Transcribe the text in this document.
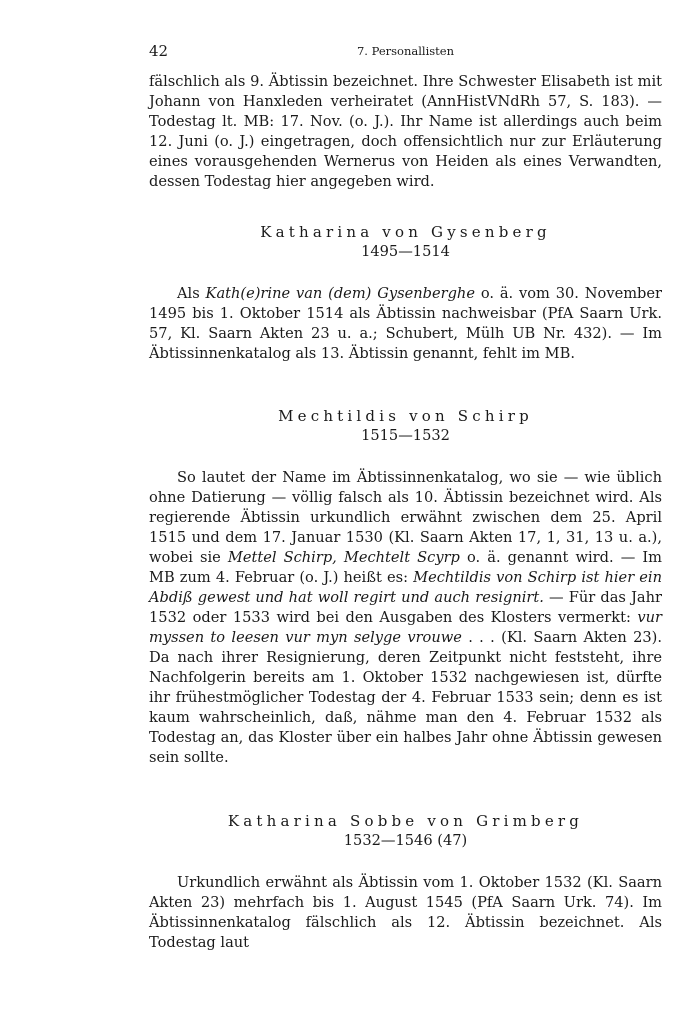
42	7. Personallisten

fälschlich als 9. Äbtissin bezeichnet. Ihre Schwester Elisabeth ist mit Johann von Hanxleden verheiratet (AnnHistVNdRh 57, S. 183). — Todestag lt. MB: 17. Nov. (o. J.). Ihr Name ist allerdings auch beim 12. Juni (o. J.) eingetragen, doch offensichtlich nur zur Erläuterung eines vorausgehenden Wernerus von Heiden als eines Verwandten, dessen Todestag hier angegeben wird.

Katharina von Gysenberg
1495—1514

Als Kath(e)rine van (dem) Gysenberghe o. ä. vom 30. November 1495 bis 1. Oktober 1514 als Äbtissin nachweisbar (PfA Saarn Urk. 57, Kl. Saarn Akten 23 u. a.; Schubert, Mülh UB Nr. 432). — Im Äbtissinnenkatalog als 13. Äbtissin genannt, fehlt im MB.

Mechtildis von Schirp
1515—1532

So lautet der Name im Äbtissinnenkatalog, wo sie — wie üblich ohne Datierung — völlig falsch als 10. Äbtissin bezeichnet wird. Als regierende Äbtissin urkundlich erwähnt zwischen dem 25. April 1515 und dem 17. Januar 1530 (Kl. Saarn Akten 17, 1, 31, 13 u. a.), wobei sie Mettel Schirp, Mechtelt Scyrp o. ä. genannt wird. — Im MB zum 4. Februar (o. J.) heißt es: Mechtildis von Schirp ist hier ein Abdiß gewest und hat woll regirt und auch resignirt. — Für das Jahr 1532 oder 1533 wird bei den Ausgaben des Klosters vermerkt: vur myssen to leesen vur myn selyge vrouwe . . . (Kl. Saarn Akten 23). Da nach ihrer Resignierung, deren Zeitpunkt nicht feststeht, ihre Nachfolgerin bereits am 1. Oktober 1532 nachgewiesen ist, dürfte ihr frühestmöglicher Todestag der 4. Februar 1533 sein; denn es ist kaum wahrscheinlich, daß, nähme man den 4. Februar 1532 als Todestag an, das Kloster über ein halbes Jahr ohne Äbtissin gewesen sein sollte.

Katharina Sobbe von Grimberg
1532—1546 (47)

Urkundlich erwähnt als Äbtissin vom 1. Oktober 1532 (Kl. Saarn Akten 23) mehrfach bis 1. August 1545 (PfA Saarn Urk. 74). Im Äbtissinnenkatalog fälschlich als 12. Äbtissin bezeichnet. Als Todestag laut
